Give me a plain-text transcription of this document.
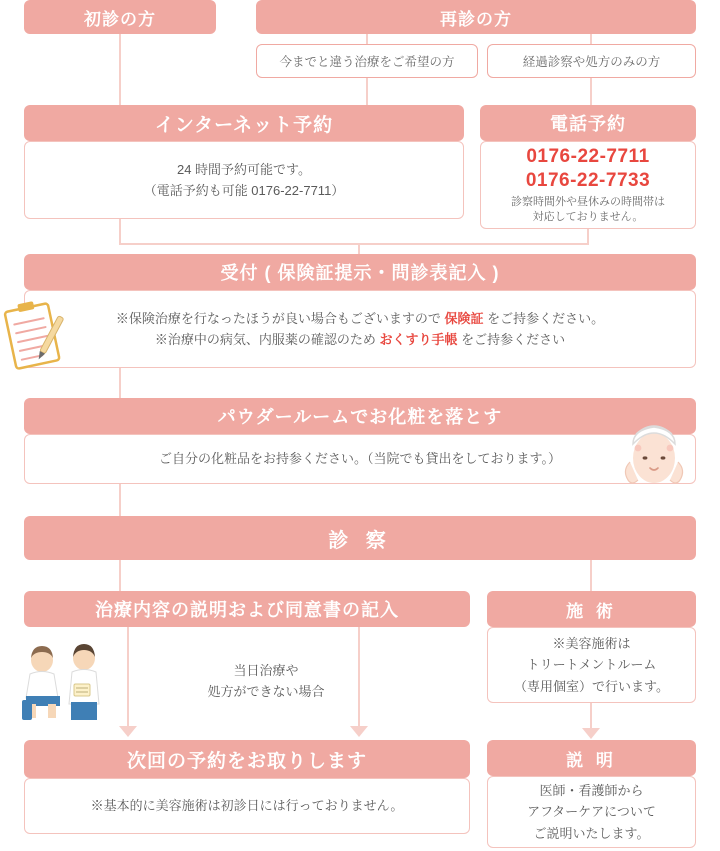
初診の方	再診の方
今までと違う治療をご希望の方	経過診察や処方のみの方
インターネット予約
24 時間予約可能です。
（電話予約も可能 0176-22-7711）
電話予約
0176-22-7711
0176-22-7733
診察時間外や昼休みの時間帯は
対応しておりません。
受付 ( 保険証提示・問診表記入 )
※保険治療を行なったほうが良い場合もございますので 保険証 をご持参ください。
※治療中の病気、内服薬の確認のため おくすり手帳 をご持参ください
パウダールームでお化粧を落とす
ご自分の化粧品をお持参ください。（当院でも貸出をしております。）
診 察
治療内容の説明および同意書の記入	施 術
※美容施術は
トリートメントルーム
（専用個室）で行います。
当日治療や
処方ができない場合
次回の予約をお取りします
※基本的に美容施術は初診日には行っておりません。
説 明
医師・看護師から
アフターケアについて
ご説明いたします。
